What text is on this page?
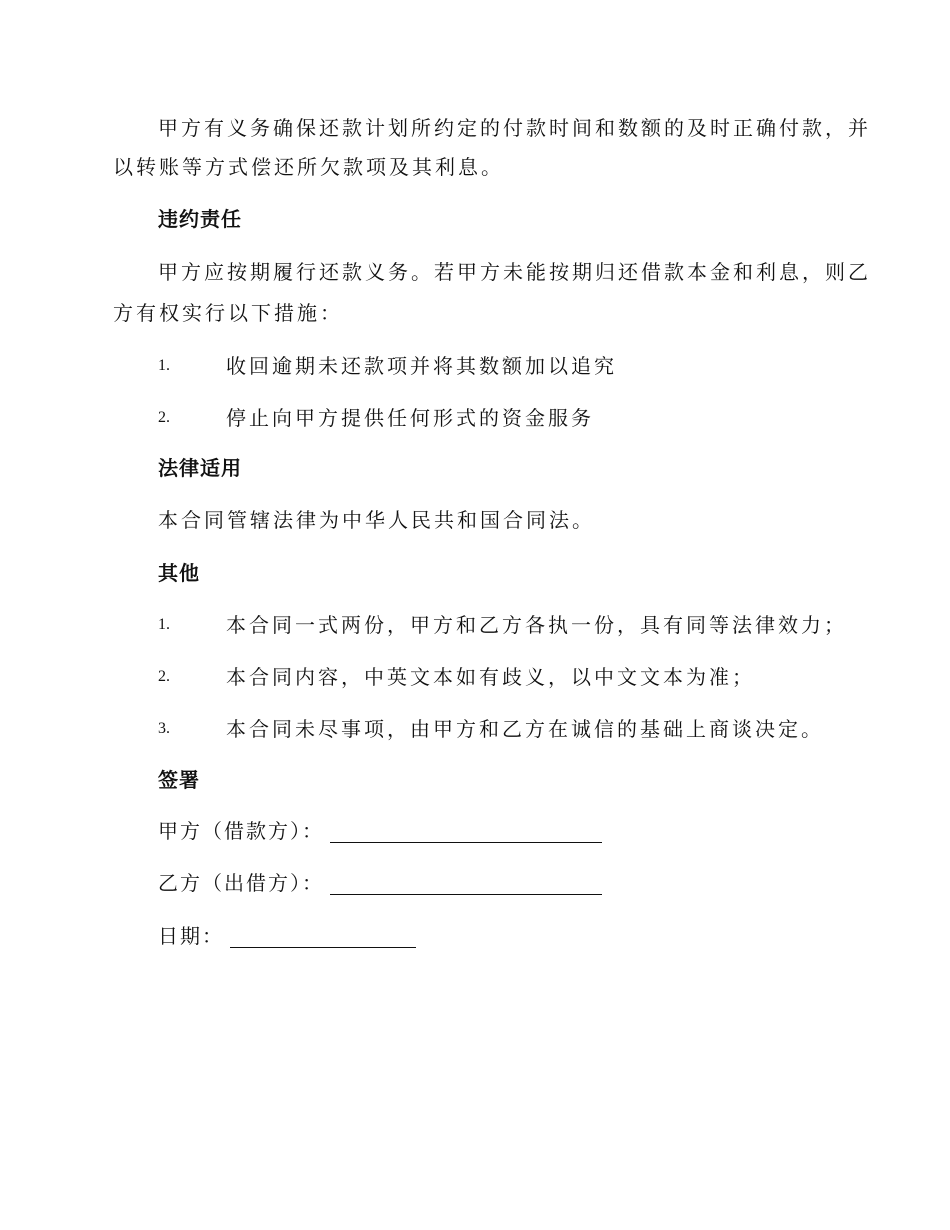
甲方有义务确保还款计划所约定的付款时间和数额的及时正确付款，并
以转账等方式偿还所欠款项及其利息。
违约责任
甲方应按期履行还款义务。若甲方未能按期归还借款本金和利息，则乙
方有权实行以下措施：
1.	收回逾期未还款项并将其数额加以追究
2.	停止向甲方提供任何形式的资金服务
法律适用
本合同管辖法律为中华人民共和国合同法。
其他
1.	本合同一式两份，甲方和乙方各执一份，具有同等法律效力；
2.	本合同内容，中英文本如有歧义，以中文文本为准；
3.	本合同未尽事项，由甲方和乙方在诚信的基础上商谈决定。
签署
甲方（借款方）：
乙方（出借方）：
日期：
